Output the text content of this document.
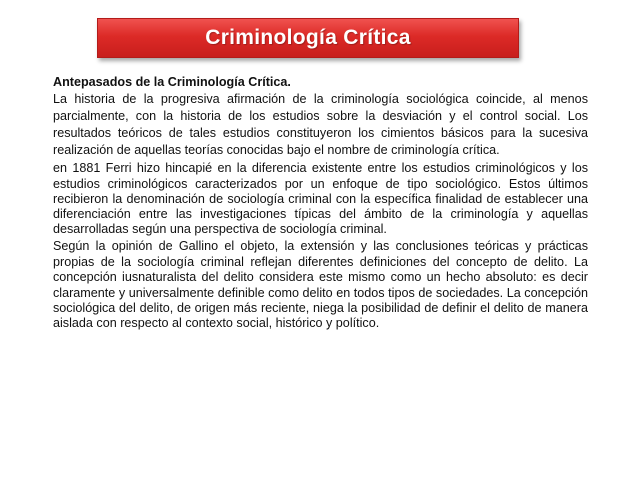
Criminología Crítica

Antepasados de la Criminología Crítica.

La historia de la progresiva afirmación de la criminología sociológica coincide, al menos parcialmente, con la historia de los estudios sobre la desviación y el control social. Los resultados teóricos de tales estudios constituyeron los cimientos básicos para la sucesiva realización de aquellas teorías conocidas bajo el nombre de criminología crítica.

en 1881 Ferri hizo hincapié en la diferencia existente entre los estudios criminológicos y los estudios criminológicos caracterizados por un enfoque de tipo sociológico. Estos últimos recibieron la denominación de sociología criminal con la específica finalidad de establecer una diferenciación entre las investigaciones típicas del ámbito de la criminología y aquellas desarrolladas según una perspectiva de sociología criminal.

Según la opinión de Gallino el objeto, la extensión y las conclusiones teóricas y prácticas propias de la sociología criminal reflejan diferentes definiciones del concepto de delito. La concepción iusnaturalista del delito considera este mismo como un hecho absoluto: es decir claramente y universalmente definible como delito en todos tipos de sociedades. La concepción sociológica del delito, de origen más reciente, niega la posibilidad de definir el delito de manera aislada con respecto al contexto social, histórico y político.
